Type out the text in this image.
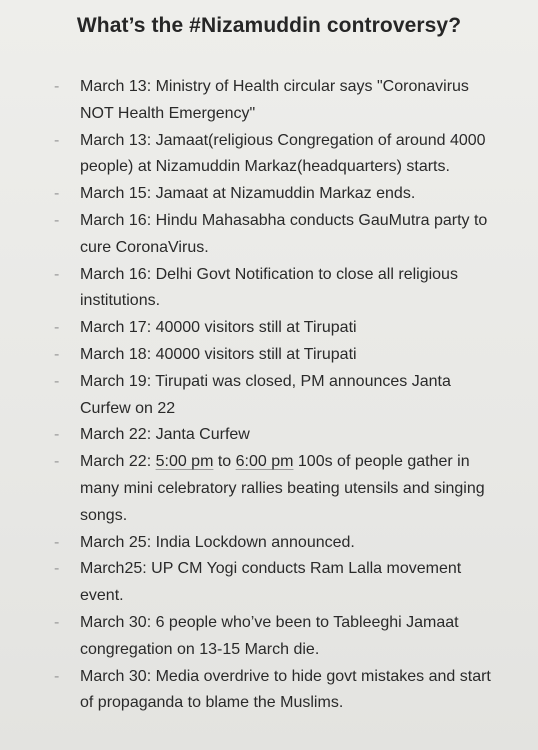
What’s the #Nizamuddin controversy?
-	March 13: Ministry of Health circular says "Coronavirus NOT Health Emergency"
-	March 13: Jamaat(religious Congregation of around 4000 people) at Nizamuddin Markaz(headquarters) starts.
-	March 15: Jamaat at Nizamuddin Markaz ends.
-	March 16: Hindu Mahasabha conducts GauMutra party to cure CoronaVirus.
-	March 16: Delhi Govt Notification to close all religious institutions.
-	March 17: 40000 visitors still at Tirupati
-	March 18: 40000 visitors still at Tirupati
-	March 19: Tirupati was closed, PM announces Janta Curfew on 22
-	March 22: Janta Curfew
-	March 22: 5:00 pm to 6:00 pm 100s of people gather in many mini celebratory rallies beating utensils and singing songs.
-	March 25: India Lockdown announced.
-	March25: UP CM Yogi conducts Ram Lalla movement event.
-	March 30: 6 people who’ve been to Tableeghi Jamaat congregation on 13-15 March die.
-	March 30: Media overdrive to hide govt mistakes and start of propaganda to blame the Muslims.
